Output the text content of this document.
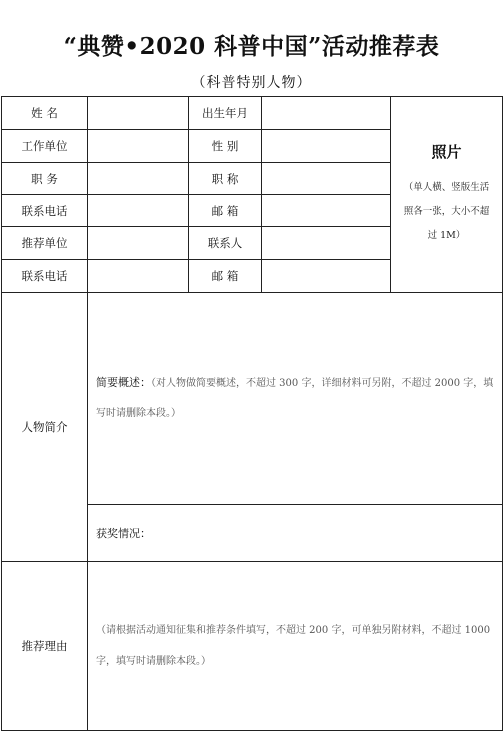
“典赞•2020 科普中国”活动推荐表
（科普特别人物）
姓 名		出生年月		照片
（单人横、竖版生活照各一张，大小不超过 1M）

工作单位		性 别		
职 务		职 称		
联系电话		邮 箱		
推荐单位		联系人		
联系电话		邮 箱		
人物简介	简要概述：（对人物做简要概述，不超过 300 字，详细材料可另附，不超过 2000 字，填写时请删除本段。）			

	获奖情况：			

推荐理由	（请根据活动通知征集和推荐条件填写，不超过 200 字，可单独另附材料，不超过 1000 字，填写时请删除本段。）			
